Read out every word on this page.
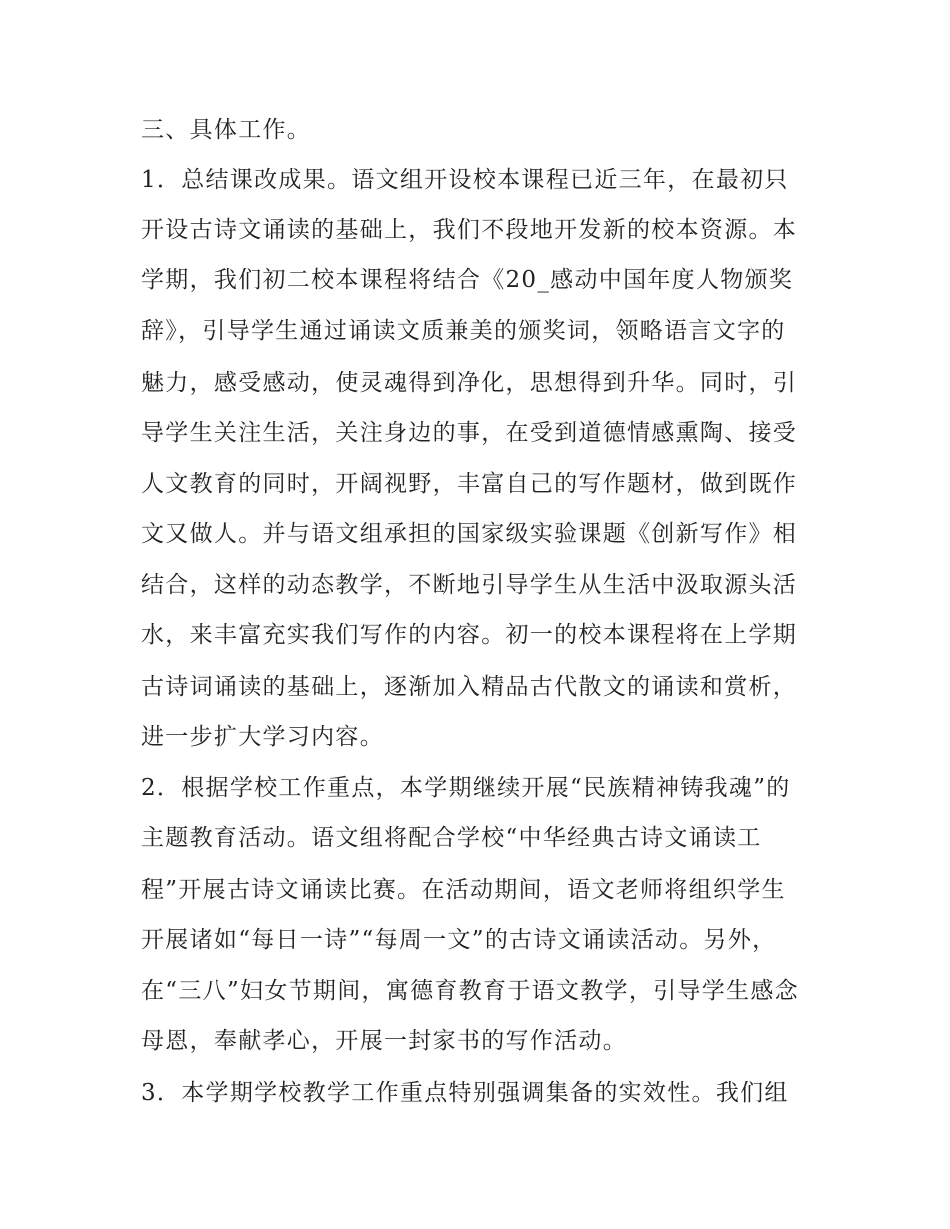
三、具体工作。

1．总结课改成果。语文组开设校本课程已近三年，在最初只

开设古诗文诵读的基础上，我们不段地开发新的校本资源。本

学期，我们初二校本课程将结合《20_感动中国年度人物颁奖

辞》，引导学生通过诵读文质兼美的颁奖词，领略语言文字的

魅力，感受感动，使灵魂得到净化，思想得到升华。同时，引

导学生关注生活，关注身边的事，在受到道德情感熏陶、接受

人文教育的同时，开阔视野，丰富自己的写作题材，做到既作

文又做人。并与语文组承担的国家级实验课题《创新写作》相

结合，这样的动态教学，不断地引导学生从生活中汲取源头活

水，来丰富充实我们写作的内容。初一的校本课程将在上学期

古诗词诵读的基础上，逐渐加入精品古代散文的诵读和赏析，

进一步扩大学习内容。

2．根据学校工作重点，本学期继续开展“民族精神铸我魂”的

主题教育活动。语文组将配合学校“中华经典古诗文诵读工

程”开展古诗文诵读比赛。在活动期间，语文老师将组织学生

开展诸如“每日一诗”“每周一文”的古诗文诵读活动。另外，

在“三八”妇女节期间，寓德育教育于语文教学，引导学生感念

母恩，奉献孝心，开展一封家书的写作活动。

3．本学期学校教学工作重点特别强调集备的实效性。我们组
